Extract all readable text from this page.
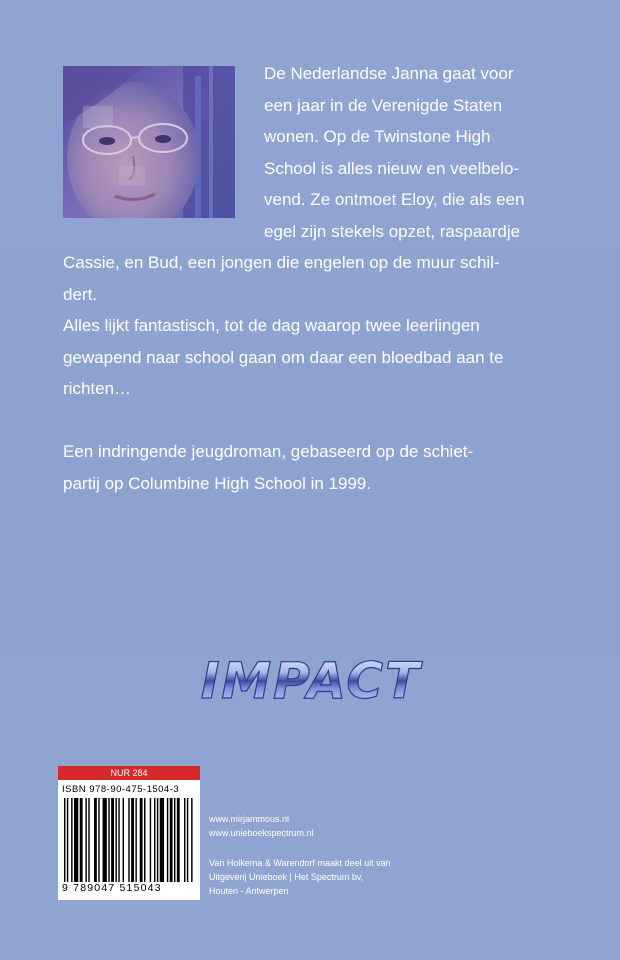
De Nederlandse Janna gaat voor
een jaar in de Verenigde Staten
wonen. Op de Twinstone High
School is alles nieuw en veelbelo-
vend. Ze ontmoet Eloy, die als een
egel zijn stekels opzet, raspaardje
Cassie, en Bud, een jongen die engelen op de muur schil-
dert.
Alles lijkt fantastisch, tot de dag waarop twee leerlingen
gewapend naar school gaan om daar een bloedbad aan te
richten…
Een indringende jeugdroman, gebaseerd op de schiet-
partij op Columbine High School in 1999.
IMPACT
NUR 284
ISBN 978-90-475-1504-3
9 789047 515043
www.mirjammous.nl
www.unieboekspectrum.nl
Van Holkema & Warendorf maakt deel uit van
Uitgeverij Unieboek | Het Spectrum bv,
Houten - Antwerpen
